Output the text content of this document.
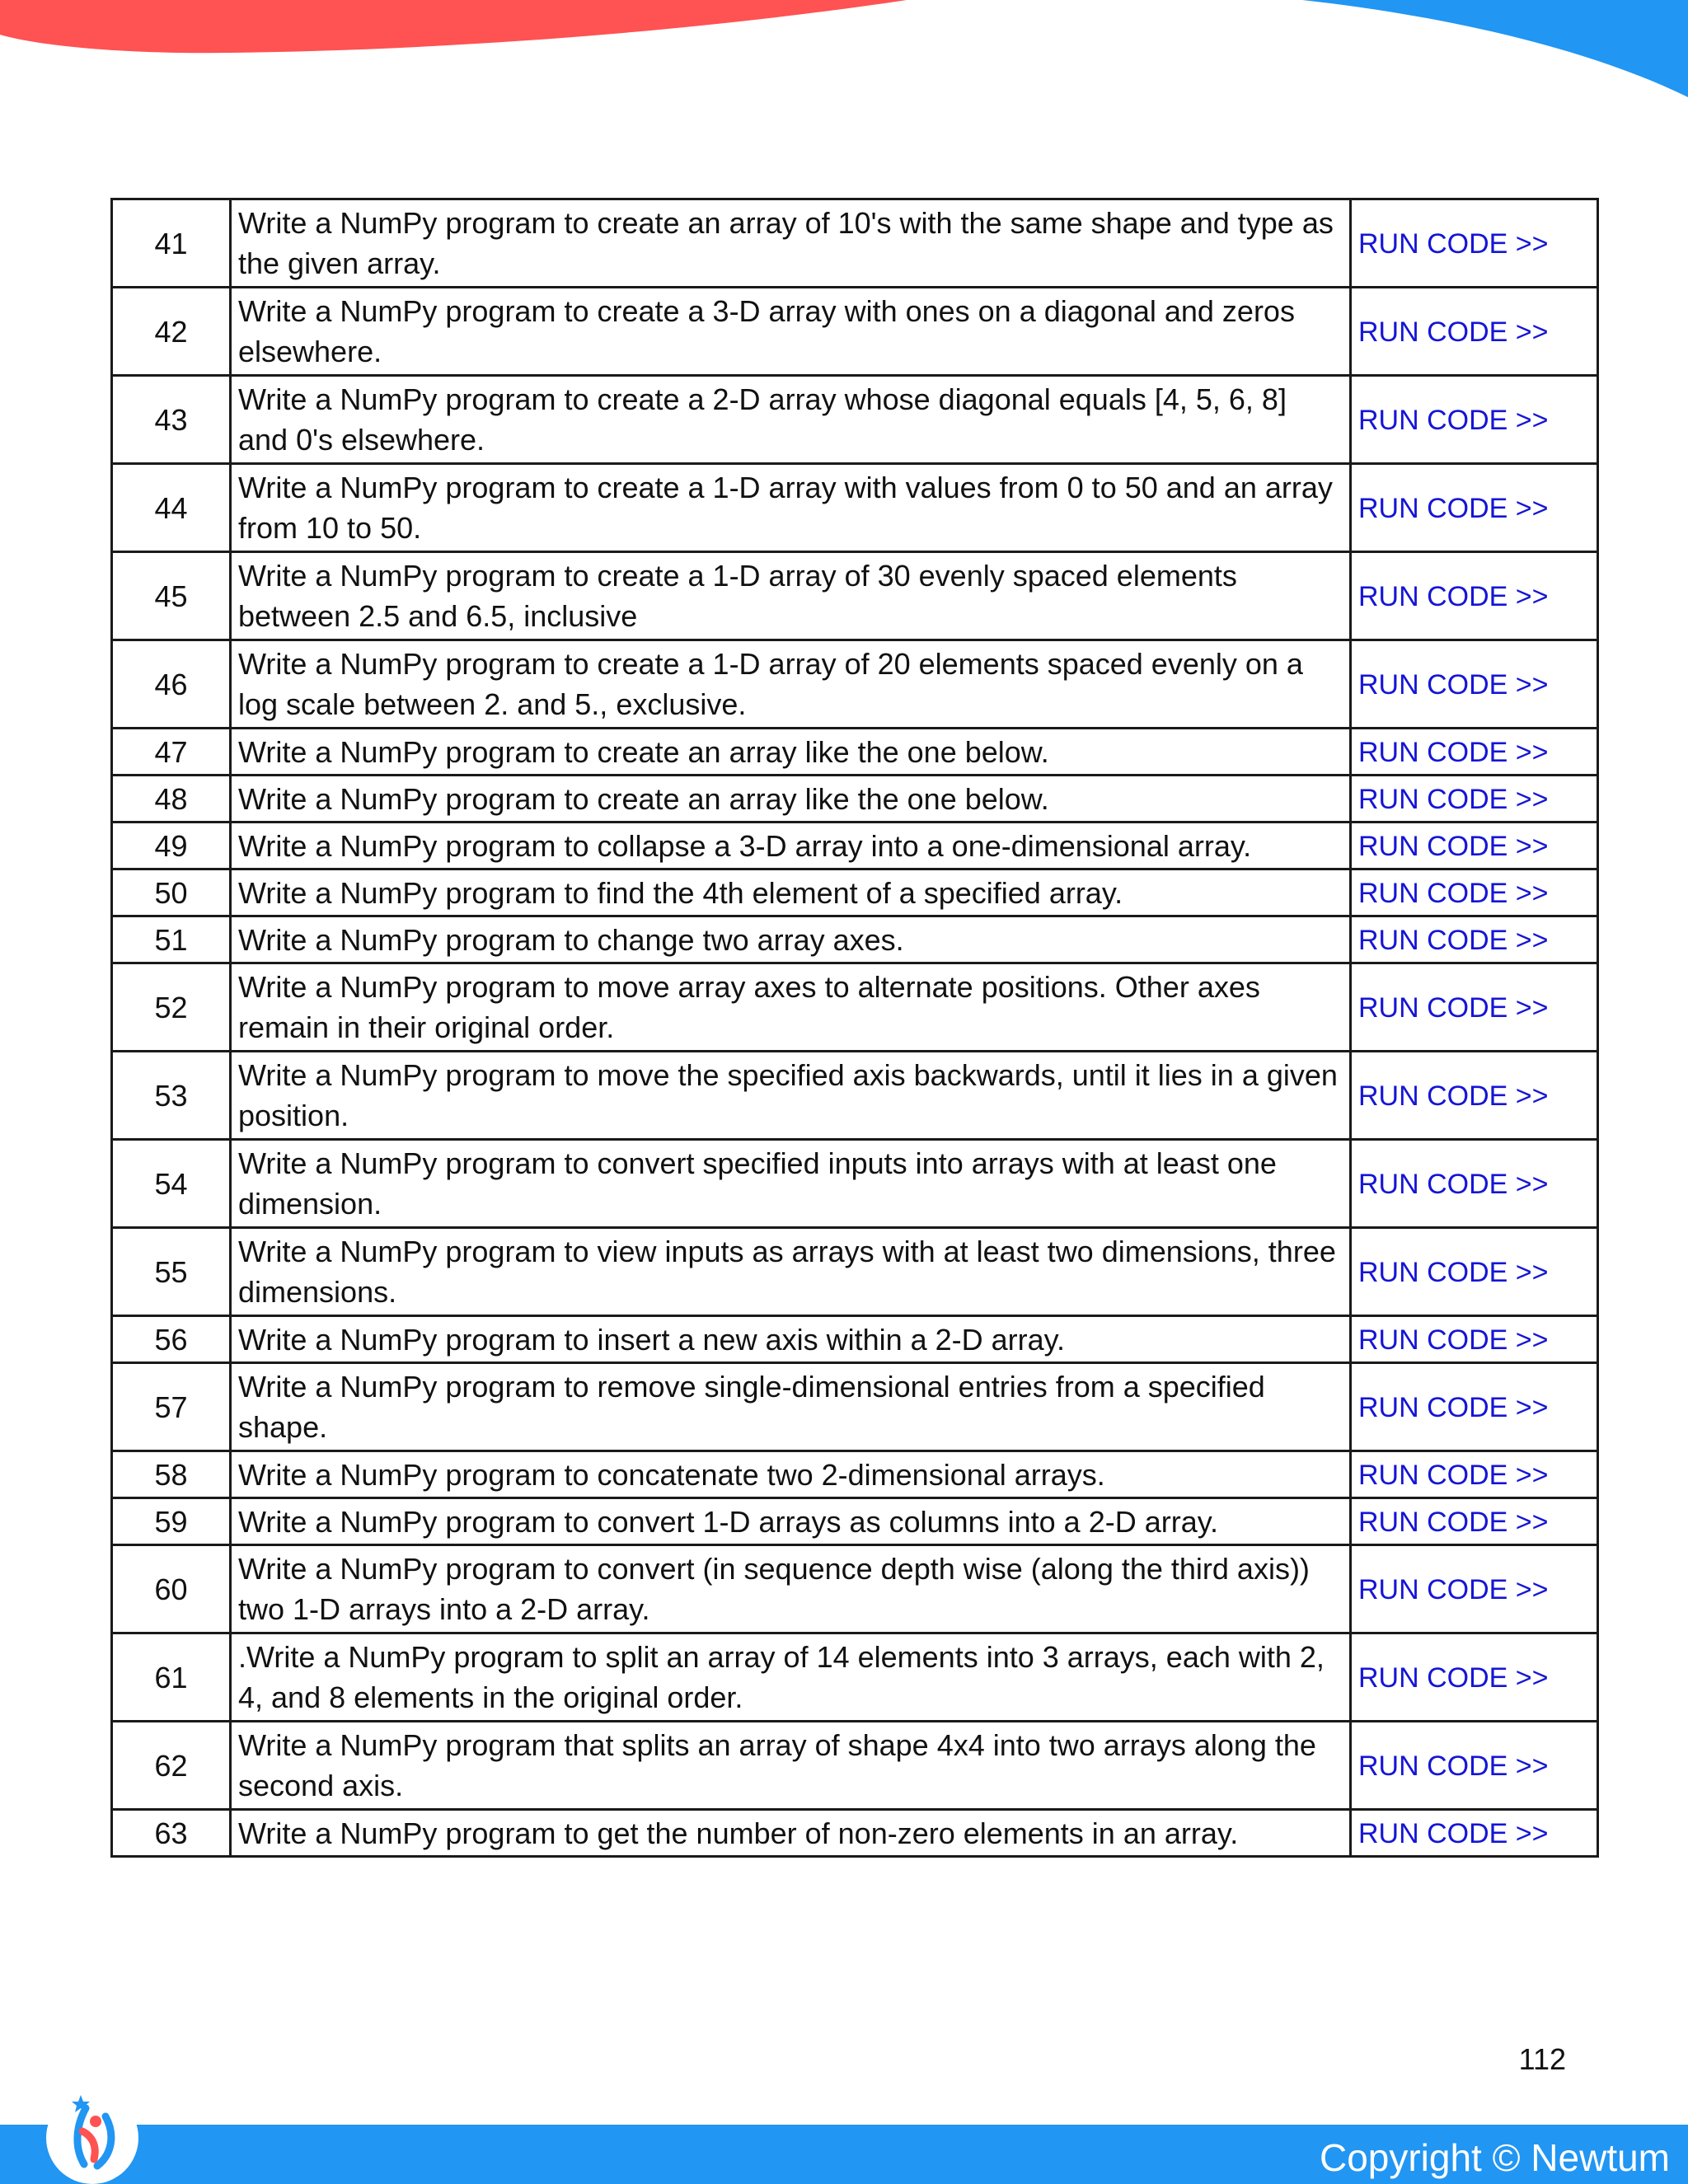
41	Write a NumPy program to create an array of 10's with the same shape and type as the given array.	RUN CODE >>
42	Write a NumPy program to create a 3-D array with ones on a diagonal and zeros elsewhere.	RUN CODE >>
43	Write a NumPy program to create a 2-D array whose diagonal equals [4, 5, 6, 8] and 0's elsewhere.	RUN CODE >>
44	Write a NumPy program to create a 1-D array with values from 0 to 50 and an array from 10 to 50.	RUN CODE >>
45	Write a NumPy program to create a 1-D array of 30 evenly spaced elements between 2.5 and 6.5, inclusive	RUN CODE >>
46	Write a NumPy program to create a 1-D array of 20 elements spaced evenly on a log scale between 2. and 5., exclusive.	RUN CODE >>
47	Write a NumPy program to create an array like the one below.	RUN CODE >>
48	Write a NumPy program to create an array like the one below.	RUN CODE >>
49	Write a NumPy program to collapse a 3-D array into a one-dimensional array.	RUN CODE >>
50	Write a NumPy program to find the 4th element of a specified array.	RUN CODE >>
51	Write a NumPy program to change two array axes.	RUN CODE >>
52	Write a NumPy program to move array axes to alternate positions. Other axes remain in their original order.	RUN CODE >>
53	Write a NumPy program to move the specified axis backwards, until it lies in a given position.	RUN CODE >>
54	Write a NumPy program to convert specified inputs into arrays with at least one dimension.	RUN CODE >>
55	Write a NumPy program to view inputs as arrays with at least two dimensions, three dimensions.	RUN CODE >>
56	Write a NumPy program to insert a new axis within a 2-D array.	RUN CODE >>
57	Write a NumPy program to remove single-dimensional entries from a specified shape.	RUN CODE >>
58	Write a NumPy program to concatenate two 2-dimensional arrays.	RUN CODE >>
59	Write a NumPy program to convert 1-D arrays as columns into a 2-D array.	RUN CODE >>
60	Write a NumPy program to convert (in sequence depth wise (along the third axis)) two 1-D arrays into a 2-D array.	RUN CODE >>
61	.Write a NumPy program to split an array of 14 elements into 3 arrays, each with 2, 4, and 8 elements in the original order.	RUN CODE >>
62	Write a NumPy program that splits an array of shape 4x4 into two arrays along the second axis.	RUN CODE >>
63	Write a NumPy program to get the number of non-zero elements in an array.	RUN CODE >>
112
Copyright © Newtum
